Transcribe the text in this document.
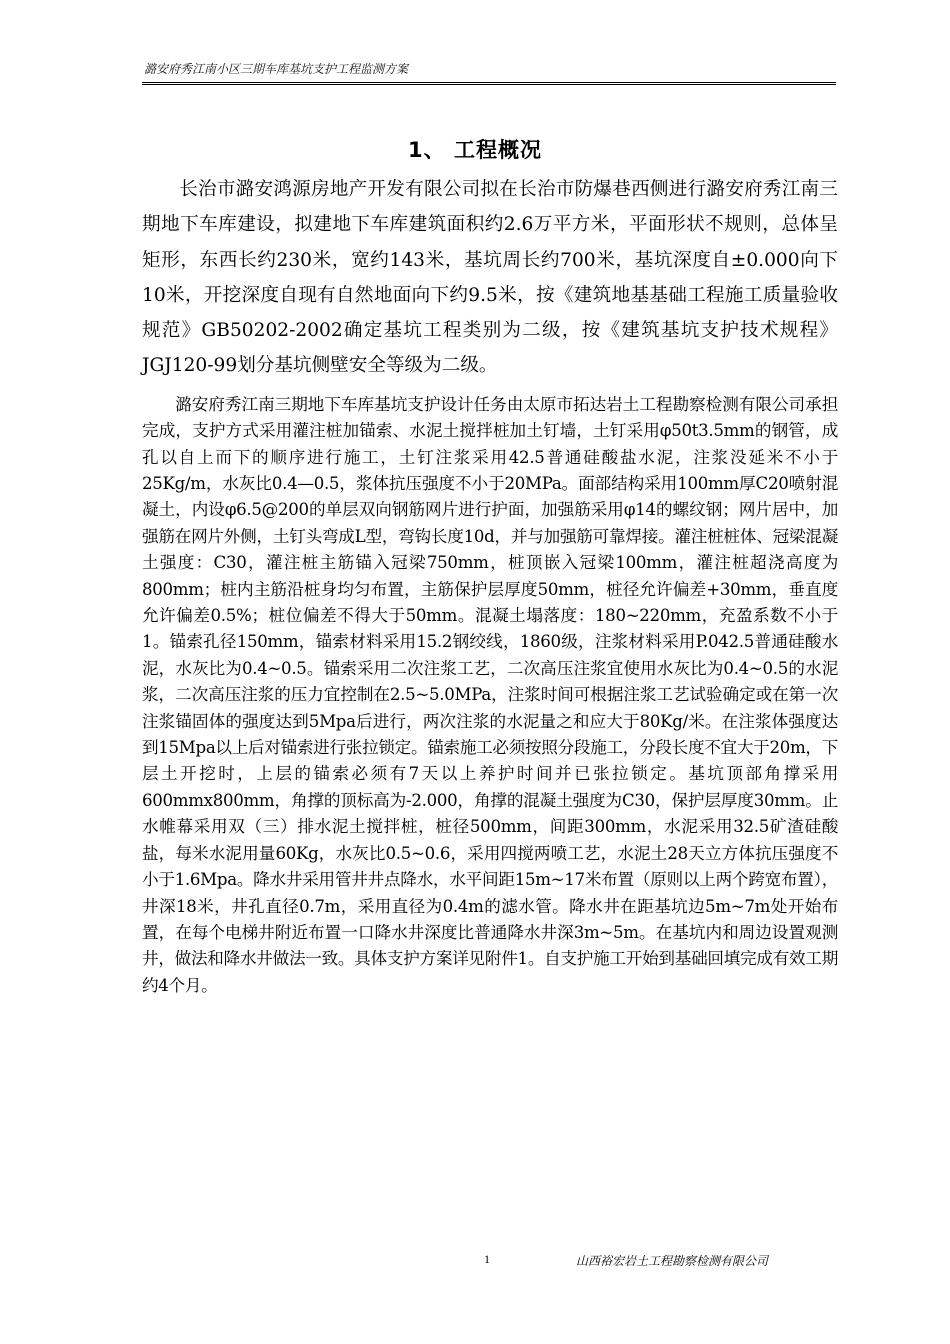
潞安府秀江南小区三期车库基坑支护工程监测方案
1、 工程概况

长治市潞安鸿源房地产开发有限公司拟在长治市防爆巷西侧进行潞安府秀江南三期地下车库建设，拟建地下车库建筑面积约2.6万平方米，平面形状不规则，总体呈矩形，东西长约230米，宽约143米，基坑周长约700米，基坑深度自±0.000向下10米，开挖深度自现有自然地面向下约9.5米，按《建筑地基基础工程施工质量验收规范》GB50202-2002确定基坑工程类别为二级，按《建筑基坑支护技术规程》JGJ120-99划分基坑侧壁安全等级为二级。

潞安府秀江南三期地下车库基坑支护设计任务由太原市拓达岩土工程勘察检测有限公司承担完成，支护方式采用灌注桩加锚索、水泥土搅拌桩加土钉墙，土钉采用φ50t3.5mm的钢管，成孔以自上而下的顺序进行施工，土钉注浆采用42.5普通硅酸盐水泥，注浆没延米不小于25Kg/m，水灰比0.4—0.5，浆体抗压强度不小于20MPa。面部结构采用100mm厚C20喷射混凝土，内设φ6.5@200的单层双向钢筋网片进行护面，加强筋采用φ14的螺纹钢；网片居中，加强筋在网片外侧，土钉头弯成L型，弯钩长度10d，并与加强筋可靠焊接。灌注桩桩体、冠梁混凝土强度：C30，灌注桩主筋锚入冠梁750mm，桩顶嵌入冠梁100mm，灌注桩超浇高度为800mm；桩内主筋沿桩身均匀布置，主筋保护层厚度50mm，桩径允许偏差+30mm，垂直度允许偏差0.5%；桩位偏差不得大于50mm。混凝土塌落度：180~220mm，充盈系数不小于1。锚索孔径150mm，锚索材料采用15.2钢绞线，1860级，注浆材料采用P.042.5普通硅酸水泥，水灰比为0.4~0.5。锚索采用二次注浆工艺，二次高压注浆宜使用水灰比为0.4~0.5的水泥浆，二次高压注浆的压力宜控制在2.5~5.0MPa，注浆时间可根据注浆工艺试验确定或在第一次注浆锚固体的强度达到5Mpa后进行，两次注浆的水泥量之和应大于80Kg/米。在注浆体强度达到15Mpa以上后对锚索进行张拉锁定。锚索施工必须按照分段施工，分段长度不宜大于20m，下层土开挖时，上层的锚索必须有7天以上养护时间并已张拉锁定。基坑顶部角撑采用600mmx800mm，角撑的顶标高为-2.000，角撑的混凝土强度为C30，保护层厚度30mm。止水帷幕采用双（三）排水泥土搅拌桩，桩径500mm，间距300mm，水泥采用32.5矿渣硅酸盐，每米水泥用量60Kg，水灰比0.5~0.6，采用四搅两喷工艺，水泥土28天立方体抗压强度不小于1.6Mpa。降水井采用管井井点降水，水平间距15m~17米布置（原则以上两个跨宽布置），井深18米，井孔直径0.7m，采用直径为0.4m的滤水管。降水井在距基坑边5m~7m处开始布置，在每个电梯井附近布置一口降水井深度比普通降水井深3m~5m。在基坑内和周边设置观测井，做法和降水井做法一致。具体支护方案详见附件1。自支护施工开始到基础回填完成有效工期约4个月。

1	山西裕宏岩土工程勘察检测有限公司
